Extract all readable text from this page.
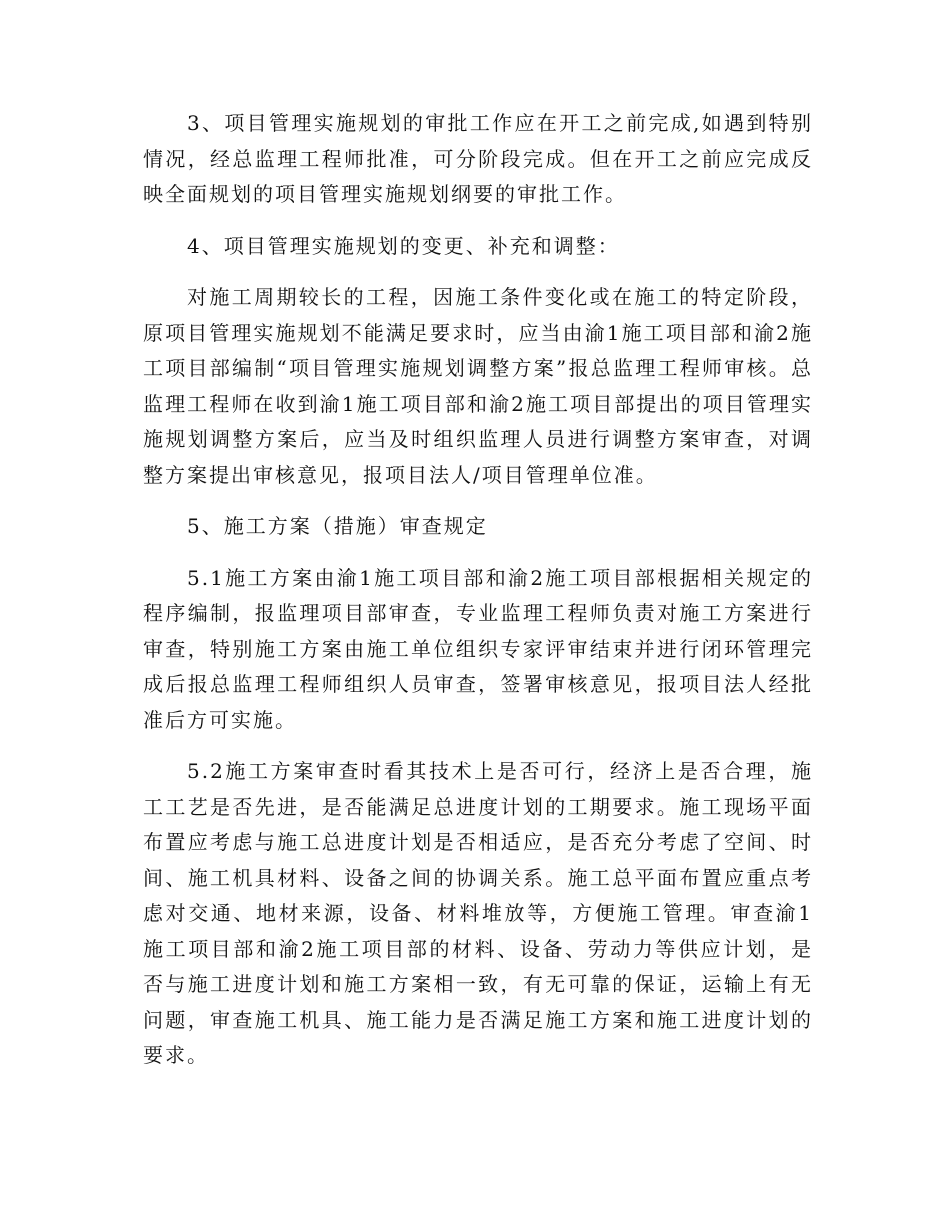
3、项目管理实施规划的审批工作应在开工之前完成,如遇到特别情况，经总监理工程师批准，可分阶段完成。但在开工之前应完成反映全面规划的项目管理实施规划纲要的审批工作。

4、项目管理实施规划的变更、补充和调整：

对施工周期较长的工程，因施工条件变化或在施工的特定阶段，原项目管理实施规划不能满足要求时，应当由渝1施工项目部和渝2施工项目部编制“项目管理实施规划调整方案”报总监理工程师审核。总监理工程师在收到渝1施工项目部和渝2施工项目部提出的项目管理实施规划调整方案后，应当及时组织监理人员进行调整方案审查，对调整方案提出审核意见，报项目法人/项目管理单位准。

5、施工方案（措施）审查规定

5.1施工方案由渝1施工项目部和渝2施工项目部根据相关规定的程序编制，报监理项目部审查，专业监理工程师负责对施工方案进行审查，特别施工方案由施工单位组织专家评审结束并进行闭环管理完成后报总监理工程师组织人员审查，签署审核意见，报项目法人经批准后方可实施。

5.2施工方案审查时看其技术上是否可行，经济上是否合理，施工工艺是否先进，是否能满足总进度计划的工期要求。施工现场平面布置应考虑与施工总进度计划是否相适应，是否充分考虑了空间、时间、施工机具材料、设备之间的协调关系。施工总平面布置应重点考虑对交通、地材来源，设备、材料堆放等，方便施工管理。审查渝1施工项目部和渝2施工项目部的材料、设备、劳动力等供应计划，是否与施工进度计划和施工方案相一致，有无可靠的保证，运输上有无问题，审查施工机具、施工能力是否满足施工方案和施工进度计划的要求。
